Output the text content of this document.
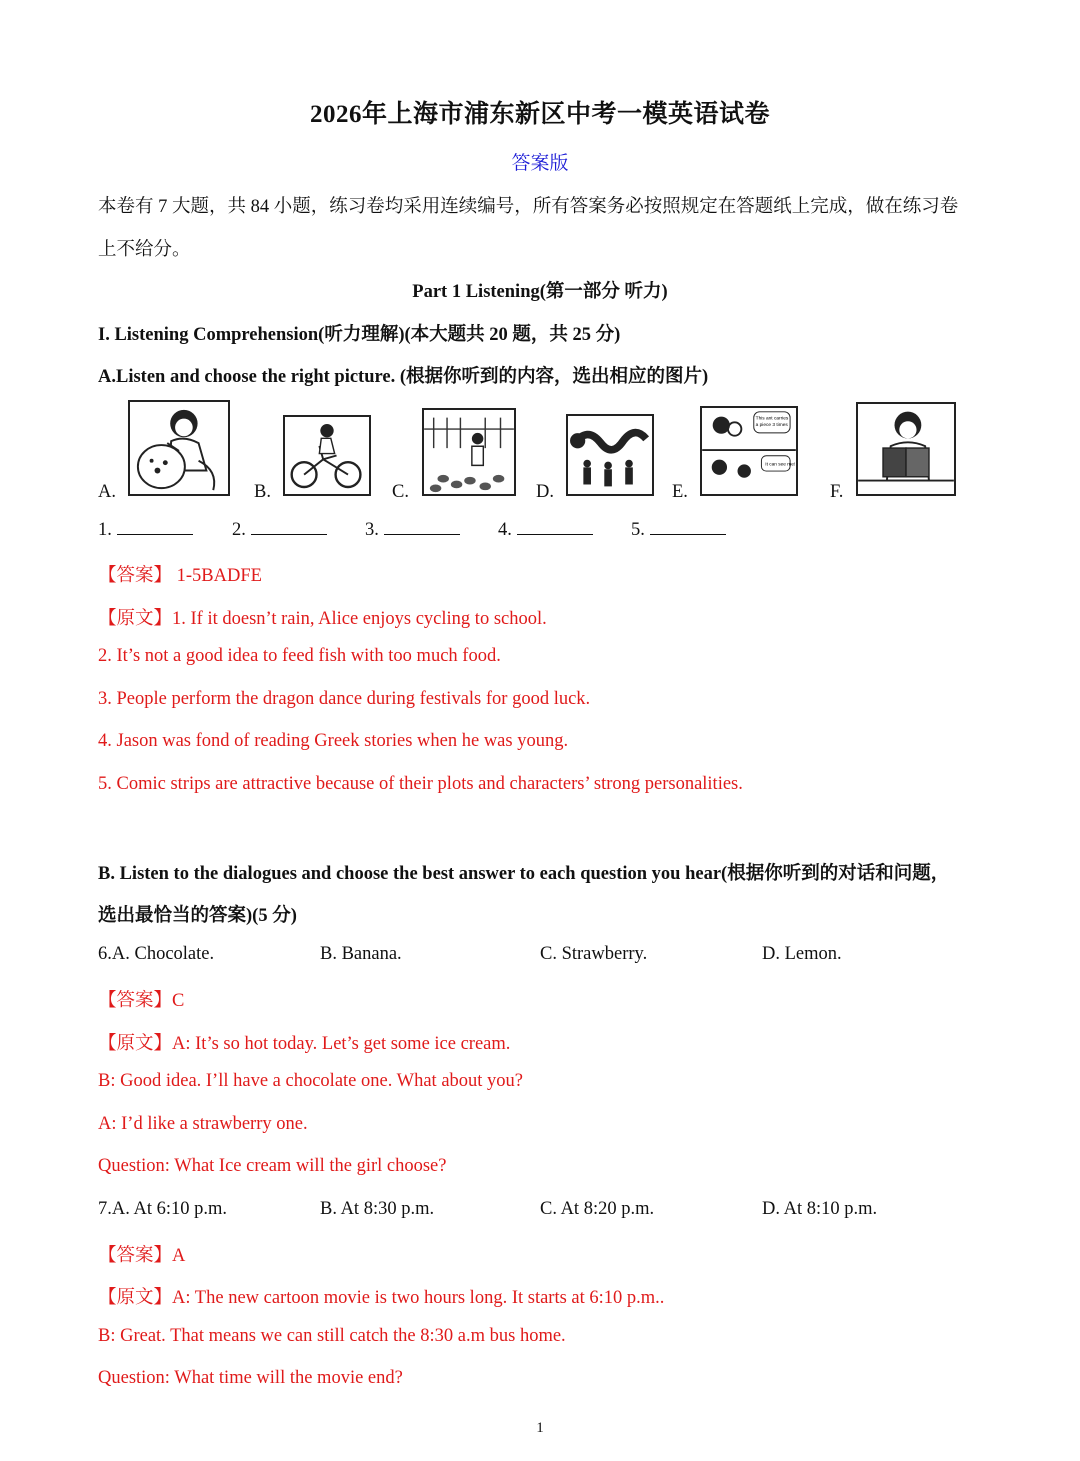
2026年上海市浦东新区中考一模英语试卷
答案版
本卷有 7 大题，共 84 小题，练习卷均采用连续编号，所有答案务必按照规定在答题纸上完成，做在练习卷
上不给分。
Part 1 Listening(第一部分 听力)
I. Listening Comprehension(听力理解)(本大题共 20 题，共 25 分)
A.Listen and choose the right picture. (根据你听到的内容，选出相应的图片)
A.	B.	C.	D.
This ant carries
a piece 3 times
It can see me!
E.	F.
1.	2.	3.	4.	5.
【答案】 1-5BADFE
【原文】1. If it doesn’t rain, Alice enjoys cycling to school.
2. It’s not a good idea to feed fish with too much food.
3. People perform the dragon dance during festivals for good luck.
4. Jason was fond of reading Greek stories when he was young.
5. Comic strips are attractive because of their plots and characters’ strong personalities.
B. Listen to the dialogues and choose the best answer to each question you hear(根据你听到的对话和问题，
选出最恰当的答案)(5 分)
6.A. Chocolate.	B. Banana.	C. Strawberry.	D. Lemon.
【答案】C
【原文】A: It’s so hot today. Let’s get some ice cream.
B: Good idea. I’ll have a chocolate one. What about you?
A: I’d like a strawberry one.
Question: What Ice cream will the girl choose?
7.A. At 6:10 p.m.	B. At 8:30 p.m.	C. At 8:20 p.m.	D. At 8:10 p.m.
【答案】A
【原文】A: The new cartoon movie is two hours long. It starts at 6:10 p.m..
B: Great. That means we can still catch the 8:30 a.m bus home.
Question: What time will the movie end?
1
